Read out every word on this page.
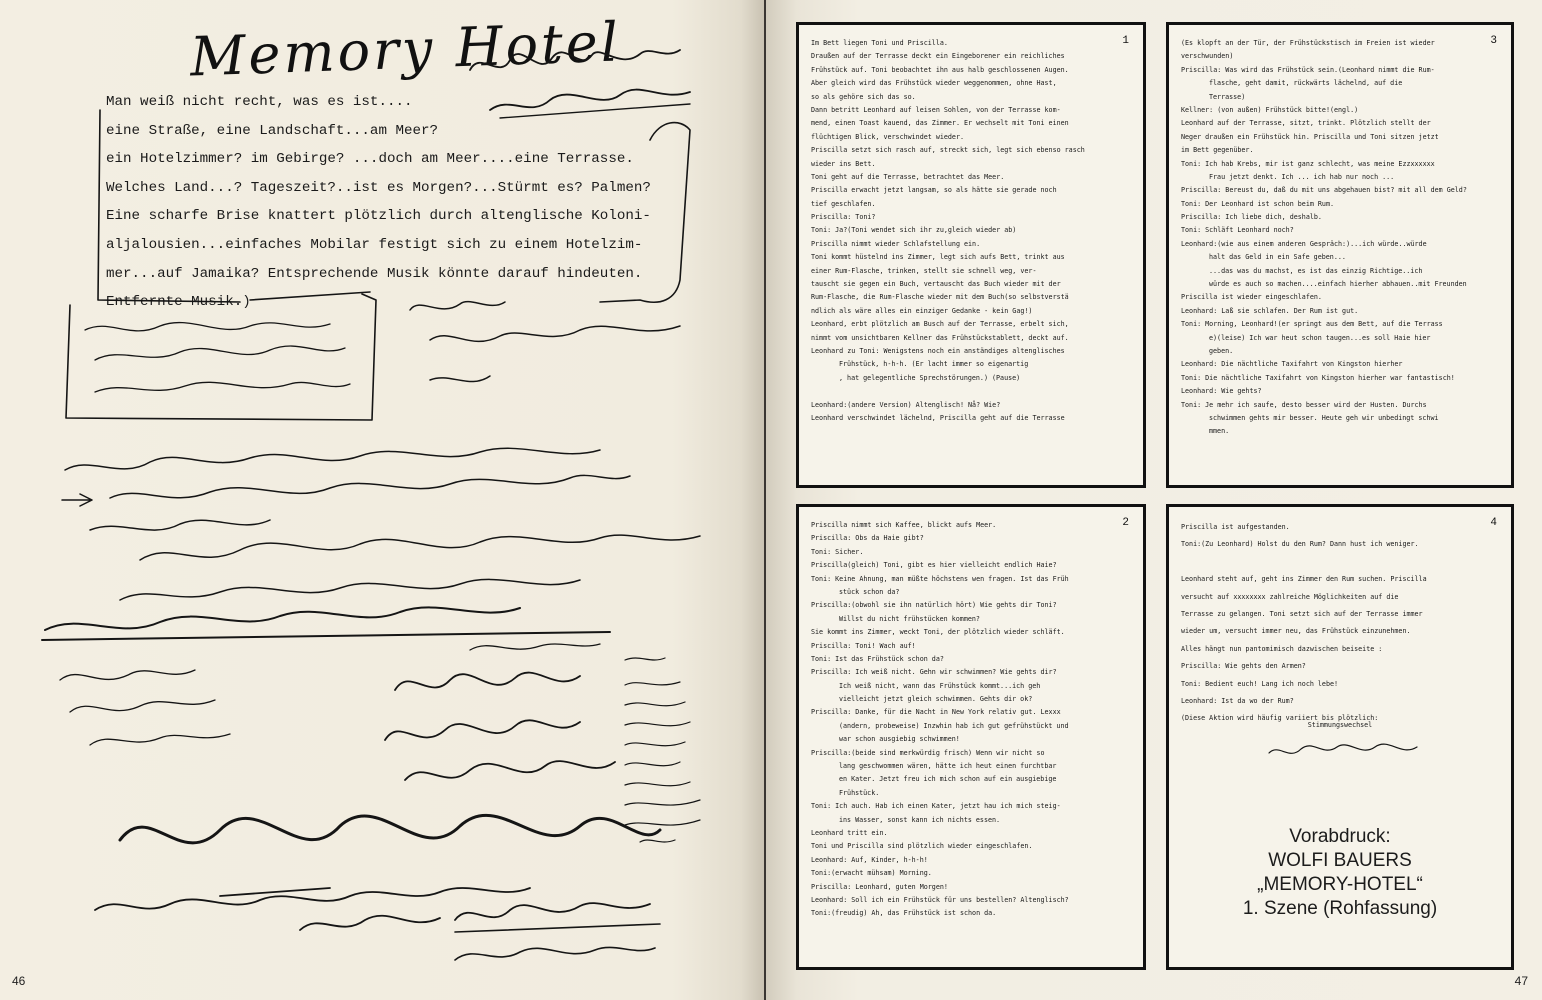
Memory Hotel
Man weiß nicht recht, was es ist....
eine Straße, eine Landschaft...am Meer?
ein Hotelzimmer? im Gebirge? ...doch am Meer....eine Terrasse.
Welches Land...? Tageszeit?..ist es Morgen?...Stürmt es? Palmen?
Eine scharfe Brise knattert plötzlich durch altenglische Koloni-
aljalousien...einfaches Mobilar festigt sich zu einem Hotelzim-
mer...auf Jamaika? Entsprechende Musik könnte darauf hindeuten.
Entfernte Musik.)
46
1
Im Bett liegen Toni und Priscilla.
Draußen auf der Terrasse deckt ein Eingeborener ein reichliches
Frühstück auf. Toni beobachtet ihn aus halb geschlossenen Augen.
Aber gleich wird das Frühstück wieder weggenommen, ohne Hast,
so als gehöre sich das so.
Dann betritt Leonhard auf leisen Sohlen, von der Terrasse kom-
mend, einen Toast kauend, das Zimmer. Er wechselt mit Toni einen
flüchtigen Blick, verschwindet wieder.
Priscilla setzt sich rasch auf, streckt sich, legt sich ebenso rasch
wieder ins Bett.
Toni geht auf die Terrasse, betrachtet das Meer.
Priscilla erwacht jetzt langsam, so als hätte sie gerade noch
tief geschlafen.
Priscilla: Toni?
Toni: Ja?(Toni wendet sich ihr zu,gleich wieder ab)
Priscilla nimmt wieder Schlafstellung ein.
Toni kommt hüstelnd ins Zimmer, legt sich aufs Bett, trinkt aus
einer Rum-Flasche, trinken, stellt sie schnell weg, ver-
tauscht sie gegen ein Buch, vertauscht das Buch wieder mit der
Rum-Flasche, die Rum-Flasche wieder mit dem Buch(so selbstverstä
ndlich als wäre alles ein einziger Gedanke - kein Gag!)
Leonhard, erbt plötzlich am Busch auf der Terrasse, erbelt sich,
nimmt vom unsichtbaren Kellner das Frühstückstablett, deckt auf.
Leonhard zu Toni: Wenigstens noch ein anständiges altenglisches
Frühstück, h-h-h. (Er lacht immer so eigenartig
, hat gelegentliche Sprechstörungen.) (Pause)
Leonhard:(andere Version) Altenglisch! Nå? Wie?
Leonhard verschwindet lächelnd, Priscilla geht auf die Terrasse
3
(Es klopft an der Tür, der Frühstückstisch im Freien ist wieder
verschwunden)
Priscilla: Was wird das Frühstück sein.(Leonhard nimmt die Rum-
flasche, geht damit, rückwärts lächelnd, auf die
Terrasse)
Kellner: (von außen) Frühstück bitte!(engl.)
Leonhard auf der Terrasse, sitzt, trinkt. Plötzlich stellt der
Neger draußen ein Frühstück hin. Priscilla und Toni sitzen jetzt
im Bett gegenüber.
Toni: Ich hab Krebs, mir ist ganz schlecht, was meine Ezzxxxxxx
Frau jetzt denkt. Ich ... ich hab nur noch ...
Priscilla: Bereust du, daß du mit uns abgehauen bist? mit all dem Geld?
Toni: Der Leonhard ist schon beim Rum.
Priscilla: Ich liebe dich, deshalb.
Toni: Schläft Leonhard noch?
Leonhard:(wie aus einem anderen Gespräch:)...ich würde..würde
halt das Geld in ein Safe geben...
...das was du machst, es ist das einzig Richtige..ich
würde es auch so machen....einfach hierher abhauen..mit Freunden
Priscilla ist wieder eingeschlafen.
Leonhard: Laß sie schlafen. Der Rum ist gut.
Toni: Morning, Leonhard!(er springt aus dem Bett, auf die Terrass
e)(leise) Ich war heut schon taugen...es soll Haie hier
geben.
Leonhard: Die nächtliche Taxifahrt von Kingston hierher
Toni: Die nächtliche Taxifahrt von Kingston hierher war fantastisch!
Leonhard: Wie gehts?
Toni: Je mehr ich saufe, desto besser wird der Husten. Durchs
schwimmen gehts mir besser. Heute geh wir unbedingt schwi
mmen.
2
Priscilla nimmt sich Kaffee, blickt aufs Meer.
Priscilla: Obs da Haie gibt?
Toni: Sicher.
Priscilla(gleich) Toni, gibt es hier vielleicht endlich Haie?
Toni: Keine Ahnung, man müßte höchstens wen fragen. Ist das Früh
stück schon da?
Priscilla:(obwohl sie ihn natürlich hört) Wie gehts dir Toni?
Willst du nicht frühstücken kommen?
Sie kommt ins Zimmer, weckt Toni, der plötzlich wieder schläft.
Priscilla: Toni! Wach auf!
Toni: Ist das Frühstück schon da?
Priscilla: Ich weiß nicht. Gehn wir schwimmen? Wie gehts dir?
Ich weiß nicht, wann das Frühstück kommt...ich geh
vielleicht jetzt gleich schwimmen. Gehts dir ok?
Priscilla: Danke, für die Nacht in New York relativ gut. Lexxx
(andern, probeweise) Inzwhin hab ich gut gefrühstückt und
war schon ausgiebig schwimmen!
Priscilla:(beide sind merkwürdig frisch) Wenn wir nicht so
lang geschwommen wären, hätte ich heut einen furchtbar
en Kater. Jetzt freu ich mich schon auf ein ausgiebige
Frühstück.
Toni: Ich auch. Hab ich einen Kater, jetzt hau ich mich steig-
ins Wasser, sonst kann ich nichts essen.
Leonhard tritt ein.
Toni und Priscilla sind plötzlich wieder eingeschlafen.
Leonhard: Auf, Kinder, h-h-h!
Toni:(erwacht mühsam) Morning.
Priscilla: Leonhard, guten Morgen!
Leonhard: Soll ich ein Frühstück für uns bestellen? Altenglisch?
Toni:(freudig) Ah, das Frühstück ist schon da.
4
Priscilla ist aufgestanden.
Toni:(Zu Leonhard) Holst du den Rum? Dann hust ich weniger.
Leonhard steht auf, geht ins Zimmer den Rum suchen. Priscilla
versucht auf xxxxxxxx zahlreiche Möglichkeiten auf die
Terrasse zu gelangen. Toni setzt sich auf der Terrasse immer
wieder um, versucht immer neu, das Frühstück einzunehmen.
Alles hängt nun pantomimisch dazwischen beiseite :
Priscilla: Wie gehts den Armen?
Toni: Bedient euch! Lang ich noch lebe!
Leonhard: Ist da wo der Rum?
(Diese Aktion wird häufig variiert bis plötzlich:
Stimmungswechsel
Vorabdruck:
WOLFI BAUERS
„MEMORY-HOTEL“
1. Szene (Rohfassung)
47
